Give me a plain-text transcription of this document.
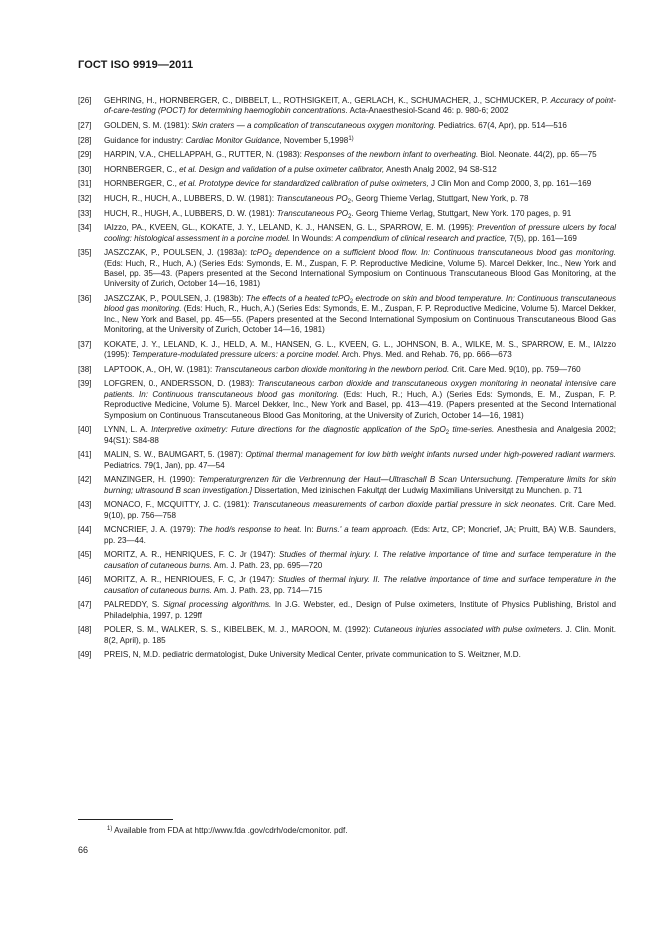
ГОСТ ISO 9919—2011
[26]	GEHRING, H., HORNBERGER, C., DIBBELT, L., ROTHSIGKEIT, A., GERLACH, K., SCHUMACHER, J., SCHMUCKER, P. Accuracy of point-of-care-testing (POCT) for determining haemoglobin concentrations. Acta-Anaesthesiol-Scand 46: p. 980-6; 2002
[27]	GOLDEN, S. M. (1981): Skin craters — a complication of transcutaneous oxygen monitoring. Pediatrics. 67(4, Apr), pp. 514—516
[28]	Guidance for industry: Cardiac Monitor Guidance, November 5,1998$^{1)}$
[29]	HARPIN, V.A., CHELLAPPAH, G., RUTTER, N. (1983): Responses of the newborn infant to overheating. Biol. Neonate. 44(2), pp. 65—75
[30]	HORNBERGER, C., et al. Design and validation of a pulse oximeter calibrator, Anesth Analg 2002, 94 S8-S12
[31]	HORNBERGER, C., et al. Prototype device for standardized calibration of pulse oximeters, J Clin Mon and Comp 2000, 3, pp. 161—169
[32]	HUCH, R., HUCH, A., LUBBERS, D. W. (1981): Transcutaneous $PO_2$, Georg Thieme Verlag, Stuttgart, New York, p. 78
[33]	HUCH, R., HUGH, A., LUBBERS, D. W. (1981): Transcutaneous $PO_2$. Georg Thieme Verlag, Stuttgart, New York. 170 pages, p. 91
[34]	IAIzzo, PA., KVEEN, GL., KOKATE, J. Y., LELAND, K. J., HANSEN, G. L., SPARROW, E. M. (1995): Prevention of pressure ulcers by focal cooling: histological assessment in a porcine model. In Wounds: A compendium of clinical research and practice, 7(5), pp. 161—169
[35]	JASZCZAK, P., POULSEN, J. (1983a): tcPO$_2$ dependence on a sufficient blood flow. In: Continuous transcutaneous blood gas monitoring. (Eds: Huch, R., Huch, A.) (Series Eds: Symonds, E. M., Zuspan, F. P. Reproductive Medicine, Volume 5). Marcel Dekker, Inc., New York and Basel, pp. 35—43. (Papers presented at the Second International Symposium on Continuous Transcutaneous Blood Gas Monitoring, at the University of Zurich, October 14—16, 1981)
[36]	JASZCZAK, P., POULSEN, J. (1983b): The effects of a heated tcPO$_2$ electrode on skin and blood temperature. In: Continuous transcutaneous blood gas monitoring. (Eds: Huch, R., Huch, A.) (Series Eds: Symonds, E. M., Zuspan, F. P. Reproductive Medicine, Volume 5). Marcel Dekker, Inc., New York and Basel, pp. 45—55. (Papers presented at the Second International Symposium on Continuous Transcutaneous Blood Gas Monitoring, at the University of Zurich, October 14—16, 1981)
[37]	KOKATE, J. Y., LELAND, K. J., HELD, A. M., HANSEN, G. L., KVEEN, G. L., JOHNSON, B. A., WILKE, M. S., SPARROW, E. M., IAIzzo (1995): Temperature-modulated pressure ulcers: a porcine model. Arch. Phys. Med. and Rehab. 76, pp. 666—673
[38]	LAPTOOK, A., OH, W. (1981): Transcutaneous carbon dioxide monitoring in the newborn period. Crit. Care Med. 9(10), pp. 759—760
[39]	LOFGREN, 0., ANDERSSON, D. (1983): Transcutaneous carbon dioxide and transcutaneous oxygen monitoring in neonatal intensive care patients. In: Continuous transcutaneous blood gas monitoring. (Eds: Huch, R.; Huch, A.) (Series Eds: Symonds, E. M., Zuspan, F. P. Reproductive Medicine, Volume 5). Marcel Dekker, Inc., New York and Basel, pp. 413—419. (Papers presented at the Second International Symposium on Continuous Transcutaneous Blood Gas Monitoring, at the University of Zurich, October 14—16, 1981)
[40]	LYNN, L. A. Interpretive oximetry: Future directions for the diagnostic application of the SpO$_2$ time-series. Anesthesia and Analgesia 2002; 94(S1): S84-88
[41]	MALIN, S. W., BAUMGART, 5. (1987): Optimal thermal management for low birth weight infants nursed under high-powered radiant warmers. Pediatrics. 79(1, Jan), pp. 47—54
[42]	MANZINGER, H. (1990): Temperaturgrenzen für die Verbrennung der Haut—Ultraschall B Scan Untersuchung. [Temperature limits for skin burning; ultrasound B scan investigation.] Dissertation, Med izinischen Fakultдt der Ludwig Maximilians Universitдt zu Munchen. p. 71
[43]	MONACO, F., MCQUITTY, J. C. (1981): Transcutaneous measurements of carbon dioxide partial pressure in sick neonates. Crit. Care Med. 9(10), pp. 756—758
[44]	MCNCRIEF, J. A. (1979): The hod/s response to heat. In: Burns.' a team approach. (Eds: Artz, CP; Moncrief, JA; Pruitt, BA) W.B. Saunders, pp. 23—44.
[45]	MORITZ, A. R., HENRIQUES, F. C. Jr (1947): Studies of thermal injury. I. The relative importance of time and surface temperature in the causation of cutaneous burns. Am. J. Path. 23, pp. 695—720
[46]	MORITZ, A. R., HENRIOUES, F. C, Jr (1947): Studies of thermal injury. II. The relative importance of time and surface temperature in the causation of cutaneous burns. Am. J. Path. 23, pp. 714—715
[47]	PALREDDY, S. Signal processing algorithms. In J.G. Webster, ed., Design of Pulse oximeters, Institute of Physics Publishing, Bristol and Philadelphia, 1997, p. 129ff
[48]	POLER, S. M., WALKER, S. S., KIBELBEK, M. J., MAROON, M. (1992): Cutaneous injuries associated with pulse oximeters. J. Clin. Monit. 8(2, April), p. 185
[49]	PREIS, N, M.D. pediatric dermatologist, Duke University Medical Center, private communication to S. Weitzner, M.D.
$^{1)}$ Available from FDA at http://www.fda .gov/cdrh/ode/cmonitor. pdf.
66
